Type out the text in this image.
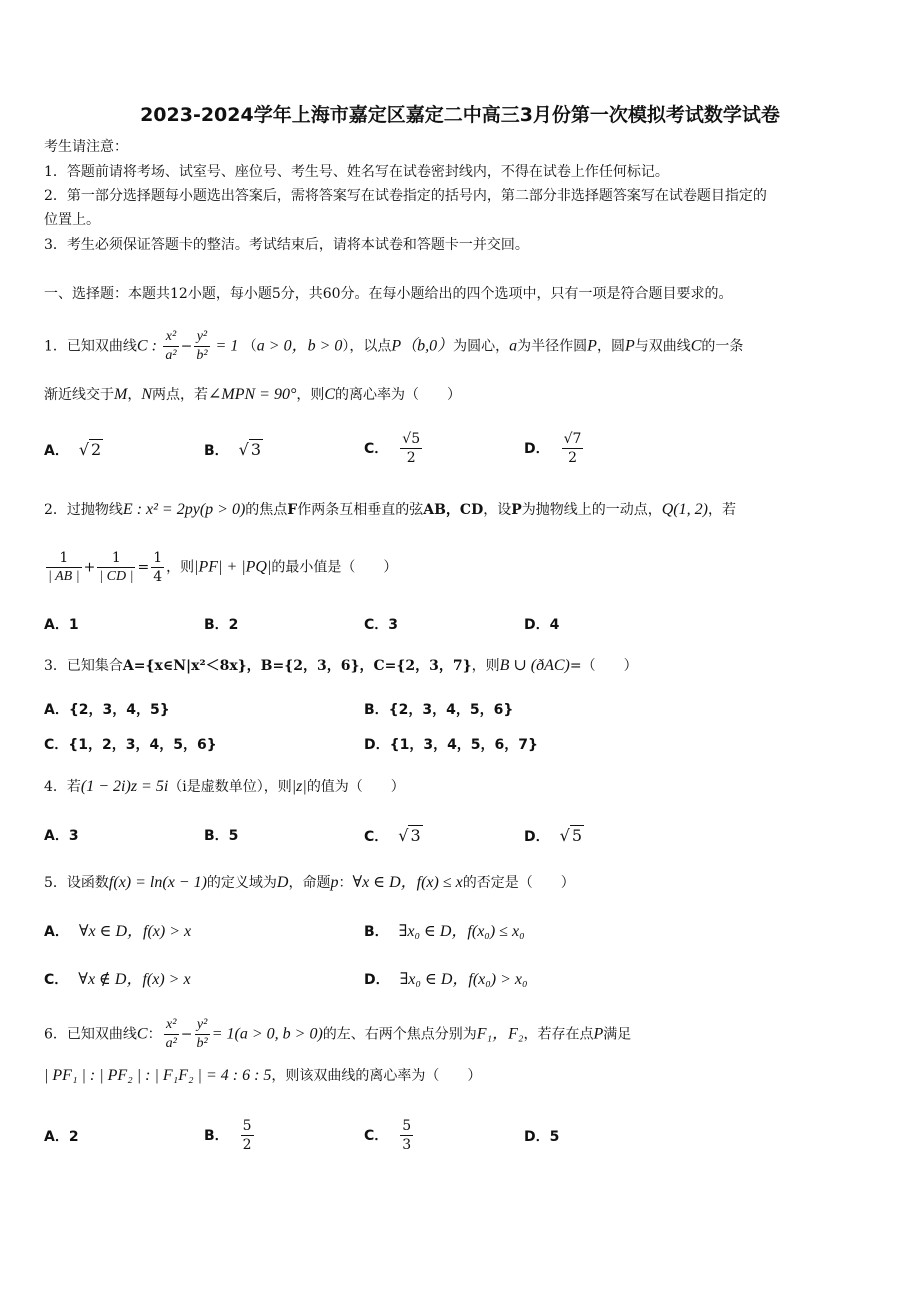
2023-2024学年上海市嘉定区嘉定二中高三3月份第一次模拟考试数学试卷
考生请注意：
1．答题前请将考场、试室号、座位号、考生号、姓名写在试卷密封线内，不得在试卷上作任何标记。
2．第一部分选择题每小题选出答案后，需将答案写在试卷指定的括号内，第二部分非选择题答案写在试卷题目指定的
位置上。
3．考生必须保证答题卡的整洁。考试结束后，请将本试卷和答题卡一并交回。
一、选择题：本题共12小题，每小题5分，共60分。在每小题给出的四个选项中，只有一项是符合题目要求的。
1．已知双曲线C : $\frac{\text{x²}}{\text{a²}} - \frac{\text{y²}}{\text{b²}} = 1$ （a > 0，b > 0），以点P（b,0）为圆心，a为半径作圆P，圆P与双曲线C的一条
渐近线交于M，N两点，若∠MPN = 90°，则C的离心率为（　　）
A． √ 2	B． √ 3	C． $\frac{√5}{2}$	D． $\frac{√7}{2}$
2．过抛物线E : x² = 2py(p > 0)的焦点F作两条互相垂直的弦AB，CD，设P为抛物线上的一动点，Q(1, 2)，若
$\frac{1}{| AB |} + \frac{1}{| CD |} = \frac{1}{4}$ ，则|PF| + |PQ|的最小值是（　　）
A．1	B．2	C．3	D．4
3．已知集合A={x∈N|x²＜8x}，B={2，3，6}，C={2，3，7}，则B ∪ (ðAC)=（　　）
A．{2，3，4，5}	B．{2，3，4，5，6}
C．{1，2，3，4，5，6}	D．{1，3，4，5，6，7}
4．若(1 − 2i)z = 5i（i是虚数单位），则|z|的值为（　　）
A．3	B．5	C． √ 3	D． √ 5
5．设函数f(x) = ln(x − 1)的定义域为D，命题p：∀x ∈ D，f(x) ≤ x的否定是（　　）
A． ∀x ∈ D，f(x) > x	B． ∃x₀ ∈ D，f(x₀) ≤ x₀
C． ∀x ∉ D，f(x) > x	D． ∃x₀ ∈ D，f(x₀) > x₀
6．已知双曲线C： $\frac{\text{x²}}{\text{a²}} - \frac{\text{y²}}{\text{b²}} = 1(a > 0$, b > 0)的左、右两个焦点分别为F₁，F₂，若存在点P满足
| PF₁ | : | PF₂ | : | F₁F₂ | = 4 : 6 : 5，则该双曲线的离心率为（　　）
A．2	B． $\frac{5}{2}$	C． $\frac{5}{3}$	D．5
